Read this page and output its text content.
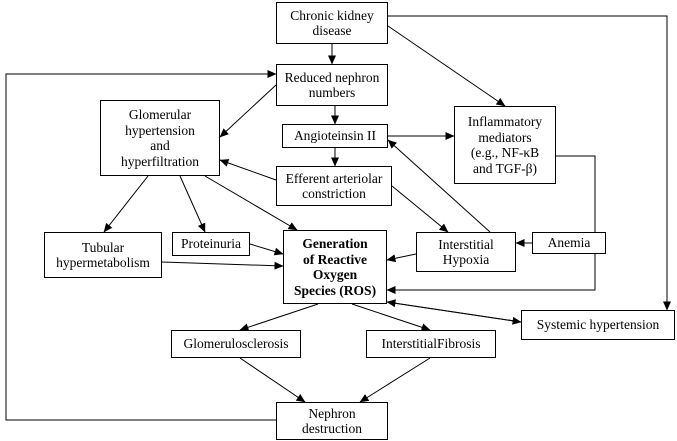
Chronic kidney
disease
Reduced nephron
numbers
Glomerular
hypertension
and
hyperfiltration
Angioteinsin II
Inflammatory
mediators
(e.g., NF-κB
and TGF-β)
Efferent arteriolar
constriction
Tubular
hypermetabolism
Proteinuria	Generation
of Reactive
Oxygen
Species (ROS)
Interstitial
Hypoxia
Anemia
Systemic hypertension
Glomerulosclerosis	InterstitialFibrosis
Nephron
destruction
